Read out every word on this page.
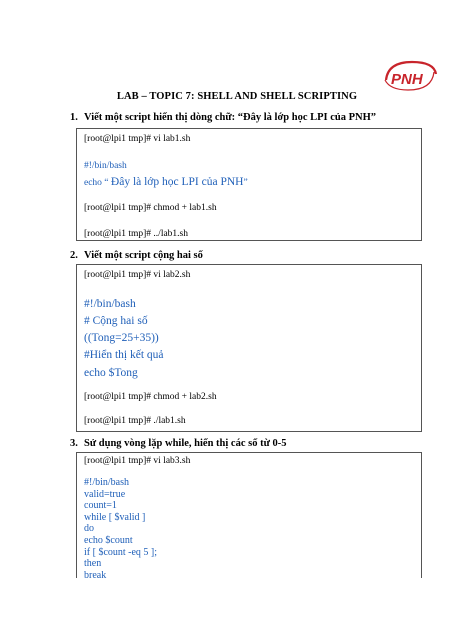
PNH
LAB – TOPIC 7: SHELL AND SHELL SCRIPTING
1. Viết một script hiển thị dòng chữ: “Đây là lớp học LPI của PNH”
[root@lpi1 tmp]# vi lab1.sh
#!/bin/bash
echo “ Đây là lớp học LPI của PNH”
[root@lpi1 tmp]# chmod + lab1.sh
[root@lpi1 tmp]# ../lab1.sh
2. Viết một script cộng hai số
[root@lpi1 tmp]# vi lab2.sh
#!/bin/bash
# Cộng hai số
((Tong=25+35))
#Hiển thị kết quả
echo $Tong
[root@lpi1 tmp]# chmod + lab2.sh
[root@lpi1 tmp]# ./lab1.sh
3. Sử dụng vòng lặp while, hiển thị các số từ 0-5
[root@lpi1 tmp]# vi lab3.sh
#!/bin/bash
valid=true
count=1
while [ $valid ]
do
echo $count
if [ $count -eq 5 ];
then
break
